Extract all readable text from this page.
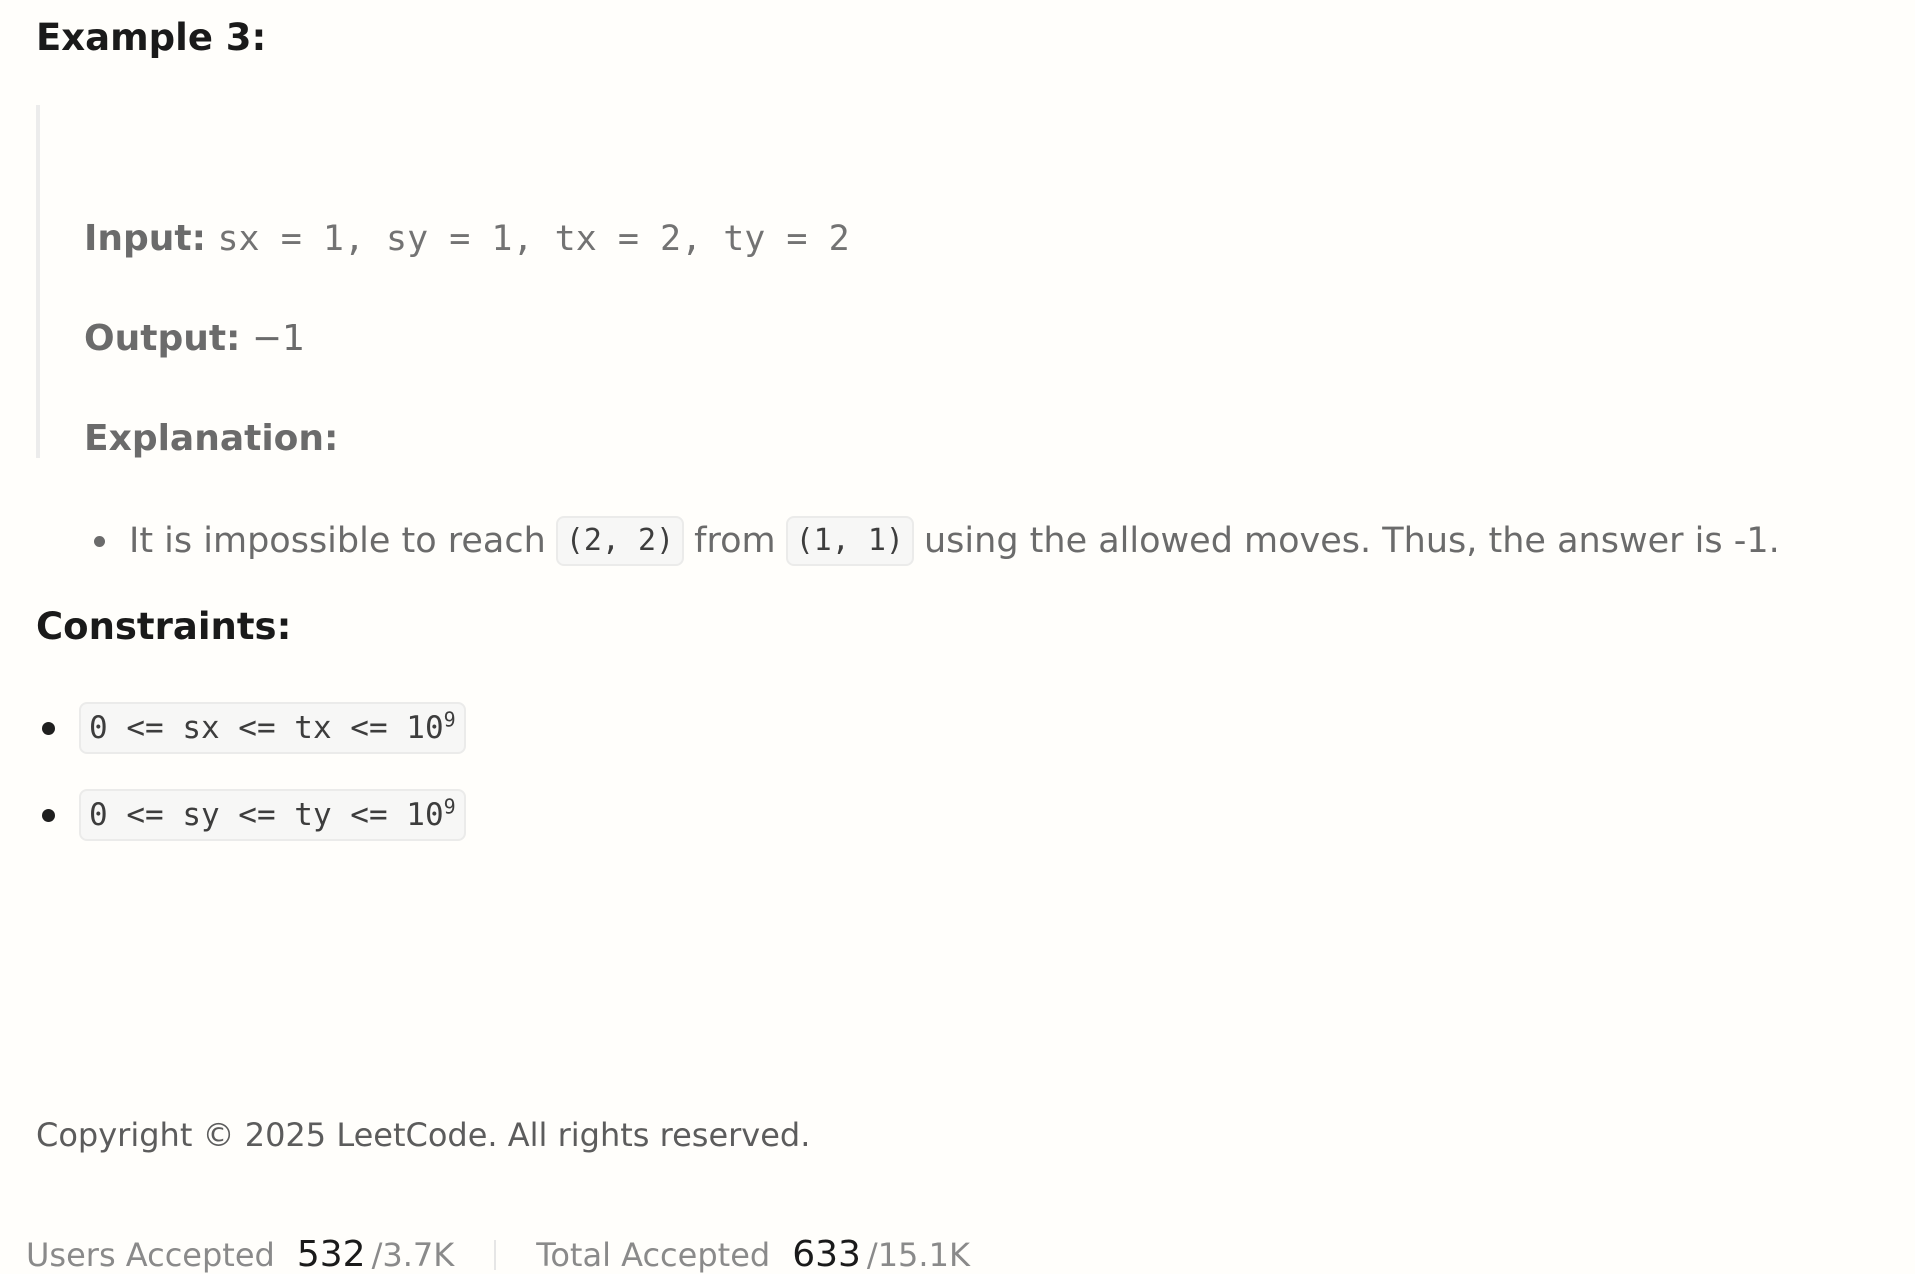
Example 3:
Input: sx = 1, sy = 1, tx = 2, ty = 2
Output: −1
Explanation:
It is impossible to reach (2, 2) from (1, 1) using the allowed moves. Thus, the answer is -1.
Constraints:
0 <= sx <= tx <= $10^9$
0 <= sy <= ty <= $10^9$
Copyright © 2025 LeetCode. All rights reserved.
Users Accepted 532 /3.7K	Total Accepted 633 /15.1K
